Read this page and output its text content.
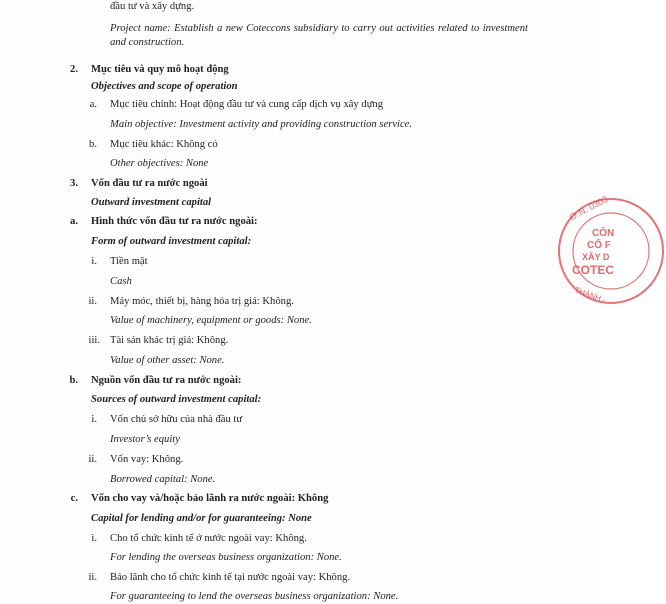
đầu tư và xây dựng.
Project name: Establish a new Coteccons subsidiary to carry out activities related to investment and construction.
2. Mục tiêu và quy mô hoạt động
Objectives and scope of operation
a. Mục tiêu chính: Hoạt động đầu tư và cung cấp dịch vụ xây dựng
Main objective: Investment activity and providing construction service.
b. Mục tiêu khác: Không có
Other objectives: None
3. Vốn đầu tư ra nước ngoài
Outward investment capital
a. Hình thức vốn đầu tư ra nước ngoài:
Form of outward investment capital:
i. Tiền mặt
Cash
ii. Máy móc, thiết bị, hàng hóa trị giá: Không.
Value of machinery, equipment or goods: None.
iii. Tài sản khác trị giá: Không.
Value of other asset: None.
b. Nguồn vốn đầu tư ra nước ngoài:
Sources of outward investment capital:
i. Vốn chủ sở hữu của nhà đầu tư
Investor’s equity
ii. Vốn vay: Không.
Borrowed capital: None.
c. Vốn cho vay và/hoặc bảo lãnh ra nước ngoài: Không
Capital for lending and/or for guaranteeing: None
i. Cho tổ chức kinh tế ở nước ngoài vay: Không.
For lending the overseas business organization: None.
ii. Bảo lãnh cho tổ chức kinh tế tại nước ngoài vay: Không.
For guaranteeing to lend the overseas business organization: None.
Ơ.N. 0303
CÔN
CỔ F
XÂY D
COTEC
THÀNH -
